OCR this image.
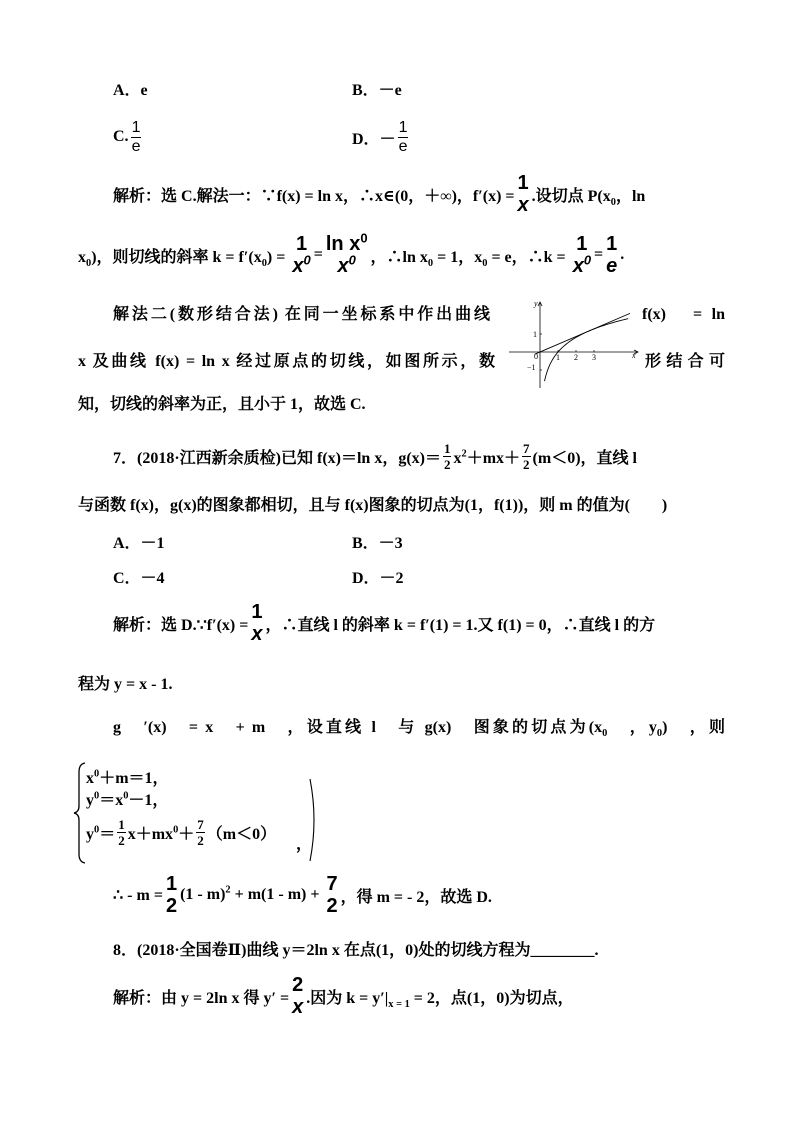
A．e	B．－e
C. $\frac{1}{e}$	D．－ $\frac{1}{e}$
解析： 选 C.解法一：∵f(x) = ln x，∴x∈(0，＋∞)，f′(x) =
1
x .设切点 $P(x_0$，ln
$x_0$)，则切线的斜率 $k = f'(x_0)$ =
1
$x^0 = \ln x^0$
$x^0$ ，∴ln $x_0 = 1$，$x_0 = e$，∴k =
1
$x^0 = 1$
e
.
解法二(数形结合法) 在同一坐标系中作出曲线	f(x)　= ln
x 及曲线 f(x) = ln x 经过原点的切线，如图所示，数	形结合可
知，切线的斜率为正，且小于 1，故选 C.
y
x
1
−1
0 1 2 3
7．(2018·江西新余质检)已知 f(x)＝ln x，$g(x)= \frac{1}{2} x^2+mx+ \frac{7}{2} (m<0)$，直线 l
与函数 f(x)，g(x)的图象都相切，且与 f(x)图象的切点为(1，f(1))，则 m 的值为(　　)
A．－1	B．－3
C．－4	D．－2
解析： 选 D.∵f′(x) =
1
x ，∴直线 l 的斜率 k = f′(1) = 1.又 f(1) = 0，∴直线 l 的方
程为 y = x - 1.
g　′(x)　= x　+ m　，设直线 l　与 g(x)　图象的切点为($x_0$　，$y_0$)　，则
$x^0+m=1$，
$y^0=x^0-1$，
$y^0= \frac{1}{2} x+mx^0+ \frac{7}{2} (m<0)$
，
∴ - m =
1
2
(1 - m)$^2$ + m(1 - m) + 7
2 ，得 m = - 2，故选 D.
8．(2018·全国卷Ⅱ)曲线 y＝2ln x 在点(1，0)处的切线方程为________.
解析： 由 y = 2ln x 得 y′ =
2
x .因为 $k = y'|_{x = 1} = 2$，点(1，0)为切点，
